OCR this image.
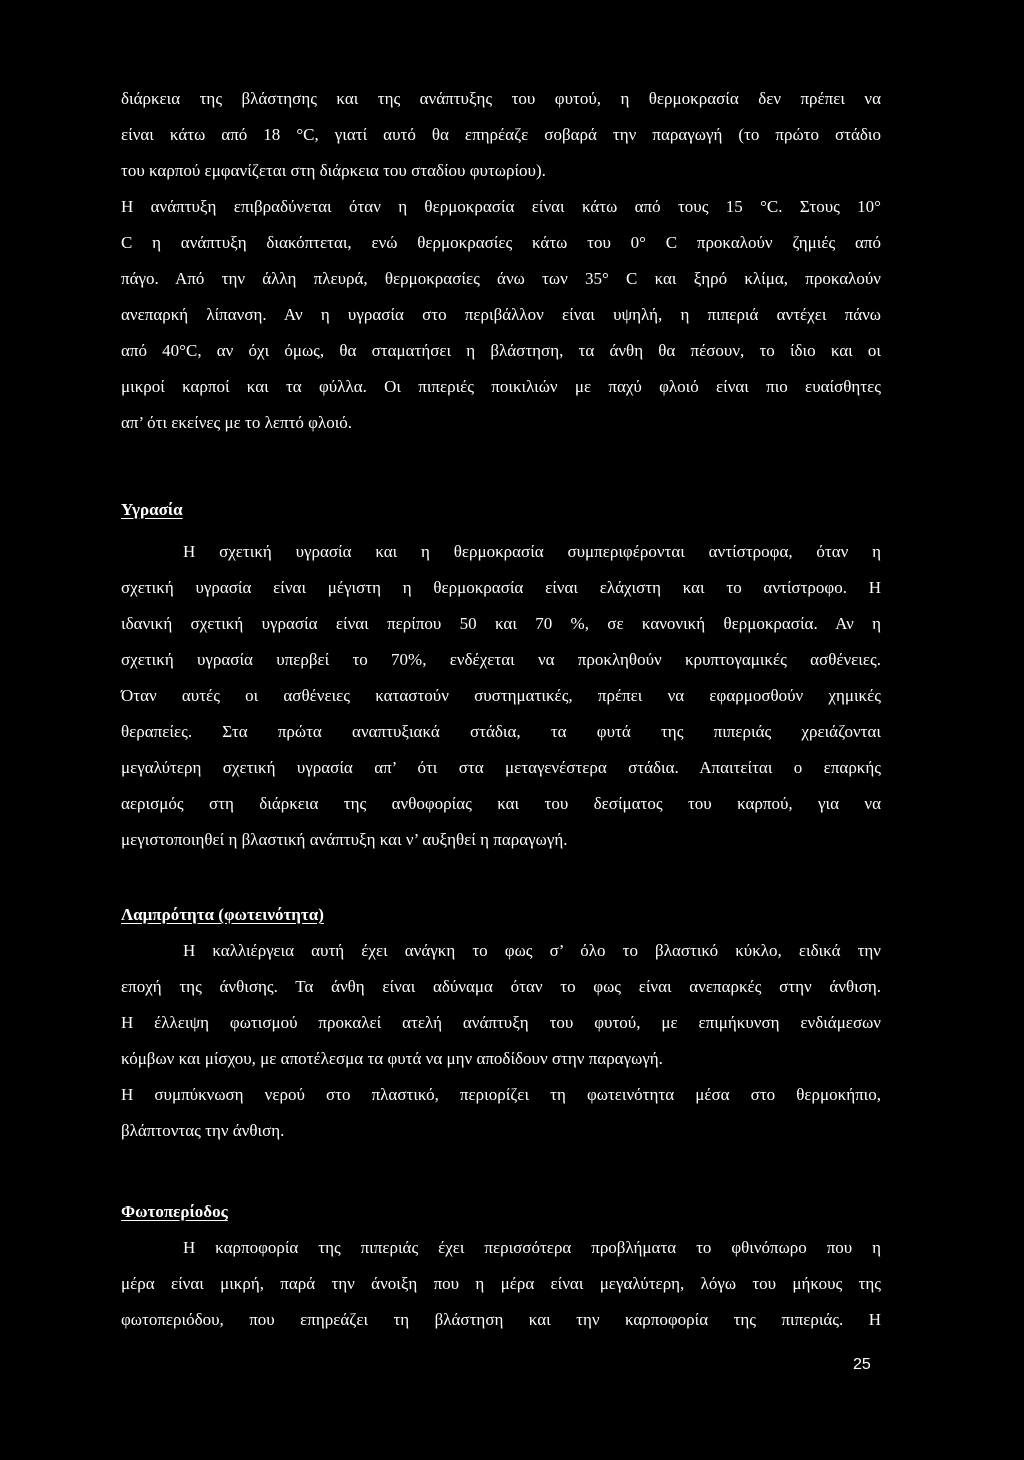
διάρκεια της βλάστησης και της ανάπτυξης του φυτού, η θερμοκρασία δεν πρέπει να
είναι κάτω από 18 °C, γιατί αυτό θα επηρέαζε σοβαρά την παραγωγή (το πρώτο στάδιο
του καρπού εμφανίζεται στη διάρκεια του σταδίου φυτωρίου).
Η ανάπτυξη επιβραδύνεται όταν η θερμοκρασία είναι κάτω από τους 15 °C. Στους 10°
C η ανάπτυξη διακόπτεται, ενώ θερμοκρασίες κάτω του 0° C προκαλούν ζημιές από
πάγο. Από την άλλη πλευρά, θερμοκρασίες άνω των 35° C και ξηρό κλίμα, προκαλούν
ανεπαρκή λίπανση. Αν η υγρασία στο περιβάλλον είναι υψηλή, η πιπεριά αντέχει πάνω
από 40°C, αν όχι όμως, θα σταματήσει η βλάστηση, τα άνθη θα πέσουν, το ίδιο και οι
μικροί καρποί και τα φύλλα. Οι πιπεριές ποικιλιών με παχύ φλοιό είναι πιο ευαίσθητες
απ’ ότι εκείνες με το λεπτό φλοιό.

Υγρασία

Η σχετική υγρασία και η θερμοκρασία συμπεριφέρονται αντίστροφα, όταν η
σχετική υγρασία είναι μέγιστη η θερμοκρασία είναι ελάχιστη και το αντίστροφο. Η
ιδανική σχετική υγρασία είναι περίπου 50 και 70 %, σε κανονική θερμοκρασία. Αν η
σχετική υγρασία υπερβεί το 70%, ενδέχεται να προκληθούν κρυπτογαμικές ασθένειες.
Όταν αυτές οι ασθένειες καταστούν συστηματικές, πρέπει να εφαρμοσθούν χημικές
θεραπείες. Στα πρώτα αναπτυξιακά στάδια, τα φυτά της πιπεριάς χρειάζονται
μεγαλύτερη σχετική υγρασία απ’ ότι στα μεταγενέστερα στάδια. Απαιτείται ο επαρκής
αερισμός στη διάρκεια της ανθοφορίας και του δεσίματος του καρπού, για να
μεγιστοποιηθεί η βλαστική ανάπτυξη και ν’ αυξηθεί η παραγωγή.

Λαμπρότητα (φωτεινότητα)

Η καλλιέργεια αυτή έχει ανάγκη το φως σ’ όλο το βλαστικό κύκλο, ειδικά την
εποχή της άνθισης. Τα άνθη είναι αδύναμα όταν το φως είναι ανεπαρκές στην άνθιση.
Η έλλειψη φωτισμού προκαλεί ατελή ανάπτυξη του φυτού, με επιμήκυνση ενδιάμεσων
κόμβων και μίσχου, με αποτέλεσμα τα φυτά να μην αποδίδουν στην παραγωγή.
Η συμπύκνωση νερού στο πλαστικό, περιορίζει τη φωτεινότητα μέσα στο θερμοκήπιο,
βλάπτοντας την άνθιση.

Φωτοπερίοδος

Η καρποφορία της πιπεριάς έχει περισσότερα προβλήματα το φθινόπωρο που η
μέρα είναι μικρή, παρά την άνοιξη που η μέρα είναι μεγαλύτερη, λόγω του μήκους της
φωτοπεριόδου, που επηρεάζει τη βλάστηση και την καρποφορία της πιπεριάς. Η
25
